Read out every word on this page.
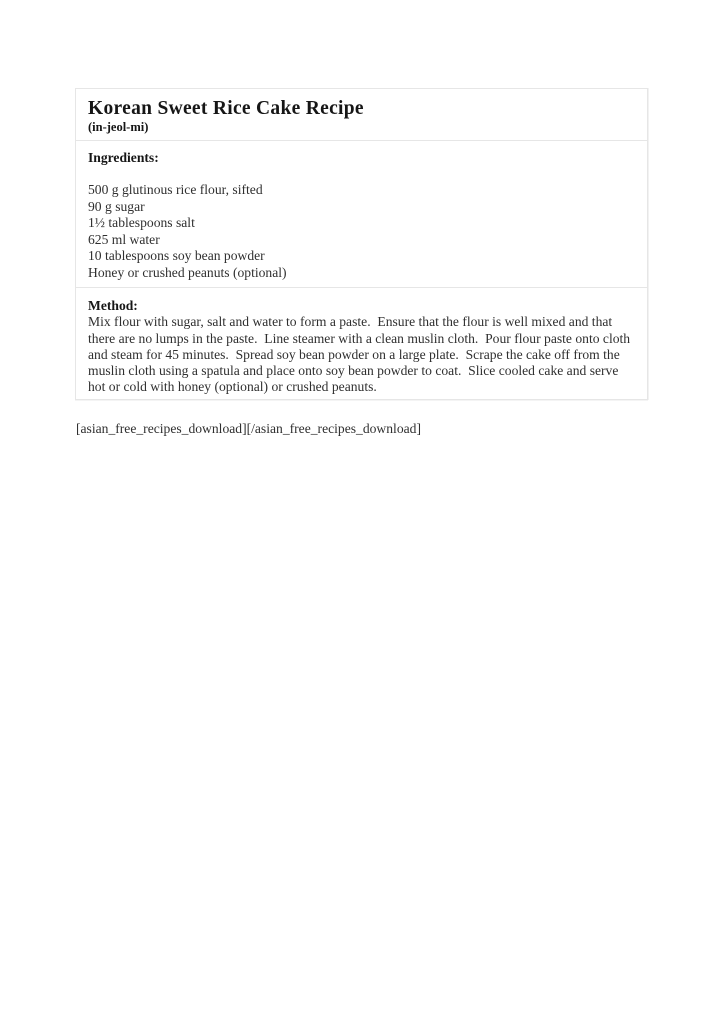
Korean Sweet Rice Cake Recipe
(in-jeol-mi)
Ingredients:
500 g glutinous rice flour, sifted
90 g sugar
1½ tablespoons salt
625 ml water
10 tablespoons soy bean powder
Honey or crushed peanuts (optional)
Method:
Mix flour with sugar, salt and water to form a paste.  Ensure that the flour is well mixed and that there are no lumps in the paste.  Line steamer with a clean muslin cloth.  Pour flour paste onto cloth and steam for 45 minutes.  Spread soy bean powder on a large plate.  Scrape the cake off from the muslin cloth using a spatula and place onto soy bean powder to coat.  Slice cooled cake and serve hot or cold with honey (optional) or crushed peanuts.
[asian_free_recipes_download][/asian_free_recipes_download]
